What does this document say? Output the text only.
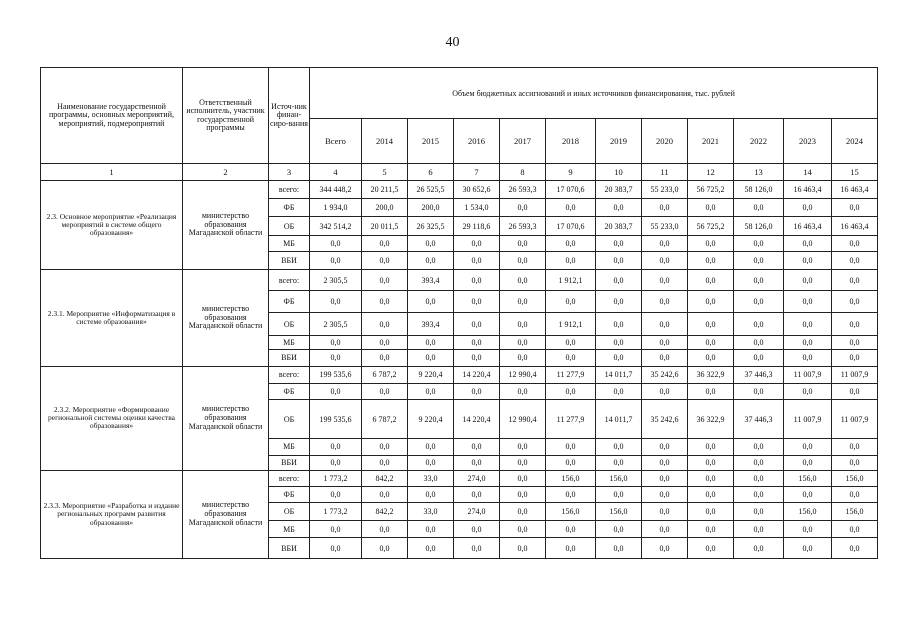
40
Наименование государственной программы, основных мероприятий, мероприятий, подмероприятий	Ответственный исполнитель, участник государственной программы	Источ-ник финан-сиро-вания	Объем бюджетных ассигнований и иных источников финансирования, тыс. рублей											
			Всего	2014	2015	2016	2017	2018	2019	2020	2021	2022	2023	2024
1	2	3	4	5	6	7	8	9	10	11	12	13	14	15
2.3. Основное мероприятие «Реализация мероприятий в системе общего образования»	министерство образования Магаданской области	всего:	344 448,2	20 211,5	26 525,5	30 652,6	26 593,3	17 070,6	20 383,7	55 233,0	56 725,2	58 126,0	16 463,4	16 463,4
		ФБ	1 934,0	200,0	200,0	1 534,0	0,0	0,0	0,0	0,0	0,0	0,0	0,0	0,0
		ОБ	342 514,2	20 011,5	26 325,5	29 118,6	26 593,3	17 070,6	20 383,7	55 233,0	56 725,2	58 126,0	16 463,4	16 463,4
		МБ	0,0	0,0	0,0	0,0	0,0	0,0	0,0	0,0	0,0	0,0	0,0	0,0
		ВБИ	0,0	0,0	0,0	0,0	0,0	0,0	0,0	0,0	0,0	0,0	0,0	0,0
2.3.1. Мероприятие «Информатизация в системе образования»	министерство образования Магаданской области	всего:	2 305,5	0,0	393,4	0,0	0,0	1 912,1	0,0	0,0	0,0	0,0	0,0	0,0
		ФБ	0,0	0,0	0,0	0,0	0,0	0,0	0,0	0,0	0,0	0,0	0,0	0,0
		ОБ	2 305,5	0,0	393,4	0,0	0,0	1 912,1	0,0	0,0	0,0	0,0	0,0	0,0
		МБ	0,0	0,0	0,0	0,0	0,0	0,0	0,0	0,0	0,0	0,0	0,0	0,0
		ВБИ	0,0	0,0	0,0	0,0	0,0	0,0	0,0	0,0	0,0	0,0	0,0	0,0
2.3.2. Мероприятие «Формирование региональной системы оценки качества образования»	министерство образования Магаданской области	всего:	199 535,6	6 787,2	9 220,4	14 220,4	12 990,4	11 277,9	14 011,7	35 242,6	36 322,9	37 446,3	11 007,9	11 007,9
		ФБ	0,0	0,0	0,0	0,0	0,0	0,0	0,0	0,0	0,0	0,0	0,0	0,0
		ОБ	199 535,6	6 787,2	9 220,4	14 220,4	12 990,4	11 277,9	14 011,7	35 242,6	36 322,9	37 446,3	11 007,9	11 007,9
		МБ	0,0	0,0	0,0	0,0	0,0	0,0	0,0	0,0	0,0	0,0	0,0	0,0
		ВБИ	0,0	0,0	0,0	0,0	0,0	0,0	0,0	0,0	0,0	0,0	0,0	0,0
2.3.3. Мероприятие «Разработка и издание региональных программ развития образования»	министерство образования Магаданской области	всего:	1 773,2	842,2	33,0	274,0	0,0	156,0	156,0	0,0	0,0	0,0	156,0	156,0
		ФБ	0,0	0,0	0,0	0,0	0,0	0,0	0,0	0,0	0,0	0,0	0,0	0,0
		ОБ	1 773,2	842,2	33,0	274,0	0,0	156,0	156,0	0,0	0,0	0,0	156,0	156,0
		МБ	0,0	0,0	0,0	0,0	0,0	0,0	0,0	0,0	0,0	0,0	0,0	0,0
		ВБИ	0,0	0,0	0,0	0,0	0,0	0,0	0,0	0,0	0,0	0,0	0,0	0,0
